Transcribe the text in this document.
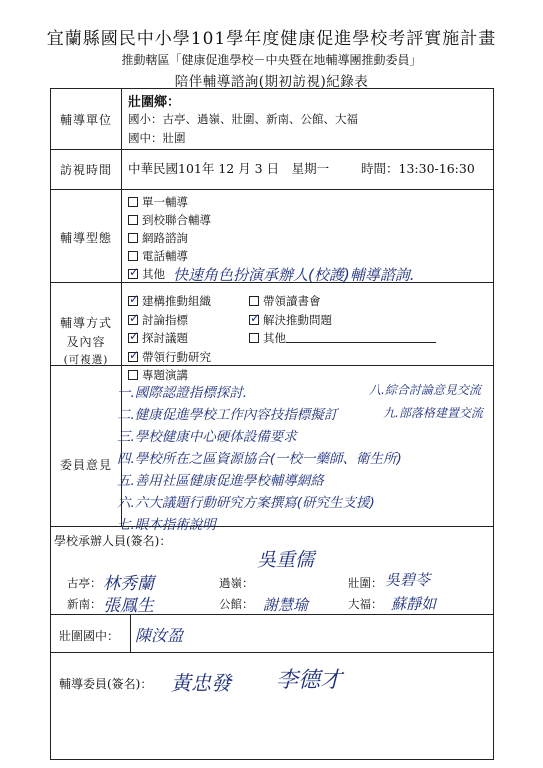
宜蘭縣國民中小學101學年度健康促進學校考評實施計畫
推動轄區「健康促進學校－中央暨在地輔導團推動委員」
陪伴輔導諮詢(期初訪視)紀錄表
輔導單位
壯圍鄉：
國小：古亭、過嶺、壯圍、新南、公館、大福
國中：壯圍
訪視時間	中華民國101年 12 月 3 日　星期一	時間：13:30-16:30
輔導型態
單一輔導
到校聯合輔導
網路諮詢
電話輔導
✓其他 快速角色扮演承辦人(校護)輔導諮詢.
輔導方式
及內容
(可複選)
✓建構推動組織
✓討論指標
✓探討議題
✓帶領行動研究
專題演講
帶領讀書會
✓解決推動問題
其他
委員意見
一.國際認證指標探討.
二.健康促進學校工作內容技指標擬訂
三.學校健康中心硬体設備要求
四.學校所在之區資源協合(一校一藥師、衛生所)
五.善用社區健康促進學校輔導網絡
六.六大議題行動研究方案撰寫(研究生支援)
七.眼本指術說明
八.綜合討論意見交流
九.部落格建置交流
學校承辦人員(簽名)：
古亭：
新南：
過嶺：
公館：
壯圍：
大福：
林秀蘭
張鳳生
吳重儒
謝慧瑜
吳碧苓
蘇靜如
壯圍國中： 陳汝盈
輔導委員(簽名)： 黃忠發 李德才
